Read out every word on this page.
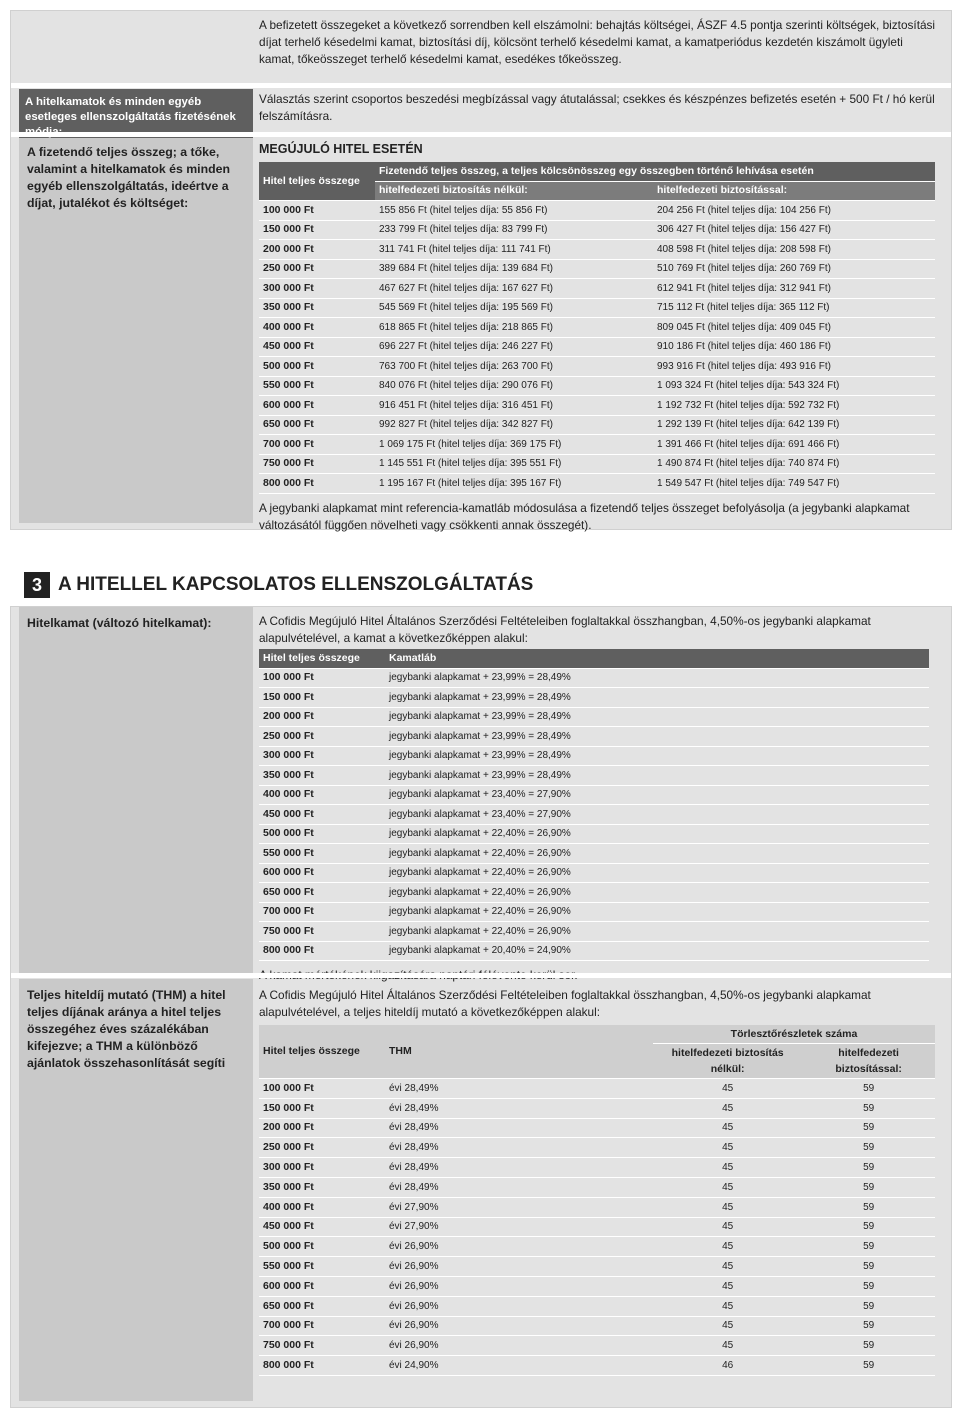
A befizetett összegeket a következő sorrendben kell elszámolni: behajtás költségei, ÁSZF 4.5 pontja szerinti költségek, biztosítási díjat terhelő késedelmi kamat, biztosítási díj, kölcsönt terhelő késedelmi kamat, a kamatperiódus kezdetén kiszámolt ügyleti kamat, tőkeösszeget terhelő késedelmi kamat, esedékes tőkeösszeg.

A hitelkamatok és minden egyéb esetleges ellenszolgáltatás fizetésének

Választás szerint csoportos beszedési megbízással vagy átutalással; csekkes és készpénzes befizetés esetén + 500 Ft / hó kerül felszámításra.

A fizetendő teljes összeg; a tőke, valamint a hitelkamatok és minden egyéb ellenszolgáltatás, ideértve a díjat, jutalékot és költséget:
MEGÚJULÓ HITEL ESETÉN
Hitel teljes összege	Fizetendő teljes összeg, a teljes kölcsönösszeg egy összegben történő lehívása esetén	
	hitelfedezeti biztosítás nélkül:	hitelfedezeti biztosítással:
100 000 Ft	155 856 Ft (hitel teljes díja: 55 856 Ft)	204 256 Ft (hitel teljes díja: 104 256 Ft)
150 000 Ft	233 799 Ft (hitel teljes díja: 83 799 Ft)	306 427 Ft (hitel teljes díja: 156 427 Ft)
200 000 Ft	311 741 Ft (hitel teljes díja: 111 741 Ft)	408 598 Ft (hitel teljes díja: 208 598 Ft)
250 000 Ft	389 684 Ft (hitel teljes díja: 139 684 Ft)	510 769 Ft (hitel teljes díja: 260 769 Ft)
300 000 Ft	467 627 Ft (hitel teljes díja: 167 627 Ft)	612 941 Ft (hitel teljes díja: 312 941 Ft)
350 000 Ft	545 569 Ft (hitel teljes díja: 195 569 Ft)	715 112 Ft (hitel teljes díja: 365 112 Ft)
400 000 Ft	618 865 Ft (hitel teljes díja: 218 865 Ft)	809 045 Ft (hitel teljes díja: 409 045 Ft)
450 000 Ft	696 227 Ft (hitel teljes díja: 246 227 Ft)	910 186 Ft (hitel teljes díja: 460 186 Ft)
500 000 Ft	763 700 Ft (hitel teljes díja: 263 700 Ft)	993 916 Ft (hitel teljes díja: 493 916 Ft)
550 000 Ft	840 076 Ft (hitel teljes díja: 290 076 Ft)	1 093 324 Ft (hitel teljes díja: 543 324 Ft)
600 000 Ft	916 451 Ft (hitel teljes díja: 316 451 Ft)	1 192 732 Ft (hitel teljes díja: 592 732 Ft)
650 000 Ft	992 827 Ft (hitel teljes díja: 342 827 Ft)	1 292 139 Ft (hitel teljes díja: 642 139 Ft)
700 000 Ft	1 069 175 Ft (hitel teljes díja: 369 175 Ft)	1 391 466 Ft (hitel teljes díja: 691 466 Ft)
750 000 Ft	1 145 551 Ft (hitel teljes díja: 395 551 Ft)	1 490 874 Ft (hitel teljes díja: 740 874 Ft)
800 000 Ft	1 195 167 Ft (hitel teljes díja: 395 167 Ft)	1 549 547 Ft (hitel teljes díja: 749 547 Ft)

A jegybanki alapkamat mint referencia-kamatláb módosulása a fizetendő teljes összeget befolyásolja (a jegybanki alapkamat változásától függően növelheti vagy csökkenti annak összegét).

3 A HITELLEL KAPCSOLATOS ELLENSZOLGÁLTATÁS
Hitelkamat (változó hitelkamat):	A Cofidis Megújuló Hitel Általános Szerződési Feltételeiben foglaltakkal összhangban, 4,50%-os jegybanki alapkamat alapulvételével, a kamat a következőképpen alakul:

Hitel teljes összege	Kamatláb
100 000 Ft	jegybanki alapkamat + 23,99% = 28,49%
150 000 Ft	jegybanki alapkamat + 23,99% = 28,49%
200 000 Ft	jegybanki alapkamat + 23,99% = 28,49%
250 000 Ft	jegybanki alapkamat + 23,99% = 28,49%
300 000 Ft	jegybanki alapkamat + 23,99% = 28,49%
350 000 Ft	jegybanki alapkamat + 23,99% = 28,49%
400 000 Ft	jegybanki alapkamat + 23,40% = 27,90%
450 000 Ft	jegybanki alapkamat + 23,40% = 27,90%
500 000 Ft	jegybanki alapkamat + 22,40% = 26,90%
550 000 Ft	jegybanki alapkamat + 22,40% = 26,90%
600 000 Ft	jegybanki alapkamat + 22,40% = 26,90%
650 000 Ft	jegybanki alapkamat + 22,40% = 26,90%
700 000 Ft	jegybanki alapkamat + 22,40% = 26,90%
750 000 Ft	jegybanki alapkamat + 22,40% = 26,90%
800 000 Ft	jegybanki alapkamat + 20,40% = 24,90%

Teljes hiteldíj mutató (THM) a hitel teljes díjának aránya a hitel teljes összegéhez éves százalékában kifejezve; a THM a különböző ajánlatok összehasonlítását segíti

A Cofidis Megújuló Hitel Általános Szerződési Feltételeiben foglaltakkal összhangban, 4,50%-os jegybanki alapkamat alapulvételével, a teljes hiteldíj mutató a következőképpen alakul:

Hitel teljes összege	THM	Törlesztőrészletek száma	
		hitelfedezeti biztosítás nélkül:	hitelfedezeti biztosítással:
100 000 Ft	évi 28,49%	45	59
150 000 Ft	évi 28,49%	45	59
200 000 Ft	évi 28,49%	45	59
250 000 Ft	évi 28,49%	45	59
300 000 Ft	évi 28,49%	45	59
350 000 Ft	évi 28,49%	45	59
400 000 Ft	évi 27,90%	45	59
450 000 Ft	évi 27,90%	45	59
500 000 Ft	évi 26,90%	45	59
550 000 Ft	évi 26,90%	45	59
600 000 Ft	évi 26,90%	45	59
650 000 Ft	évi 26,90%	45	59
700 000 Ft	évi 26,90%	45	59
750 000 Ft	évi 26,90%	45	59
800 000 Ft	évi 24,90%	46	59
